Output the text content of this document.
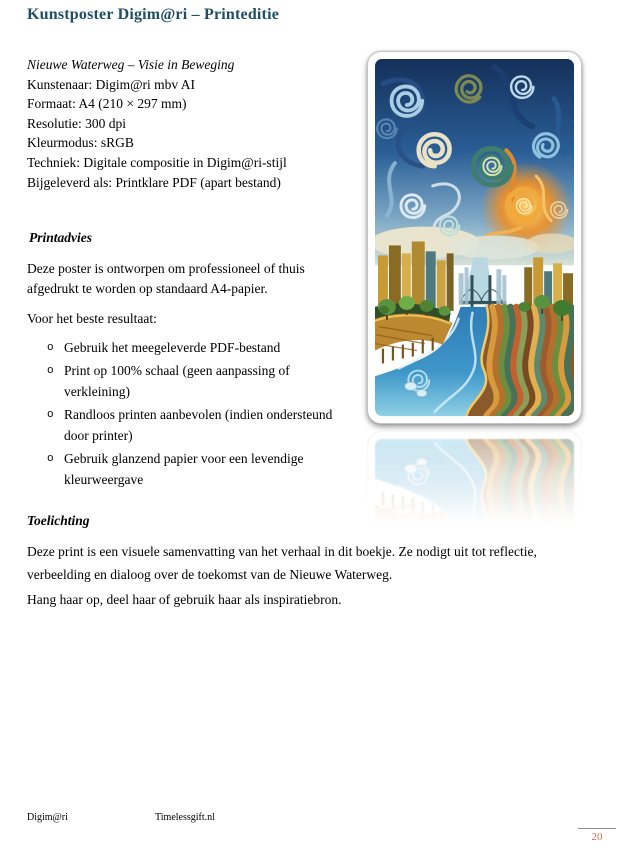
Kunstposter Digim@ri – Printeditie
Nieuwe Waterweg – Visie in Beweging
Kunstenaar: Digim@ri mbv AI
Formaat: A4 (210 × 297 mm)
Resolutie: 300 dpi
Kleurmodus: sRGB
Techniek: Digitale compositie in Digim@ri-stijl
Bijgeleverd als: Printklare PDF (apart bestand)
Printadvies

Deze poster is ontworpen om professioneel of thuis afgedrukt te worden op standaard A4-papier.

Voor het beste resultaat:

o Gebruik het meegeleverde PDF-bestand
o Print op 100% schaal (geen aanpassing of verkleining)
o Randloos printen aanbevolen (indien ondersteund door printer)
o Gebruik glanzend papier voor een levendige kleurweergave
Toelichting

Deze print is een visuele samenvatting van het verhaal in dit boekje. Ze nodigt uit tot reflectie, verbeelding en dialoog over de toekomst van de Nieuwe Waterweg.

Hang haar op, deel haar of gebruik haar als inspiratiebron.

Digim@ri	Timelessgift.nl
20
